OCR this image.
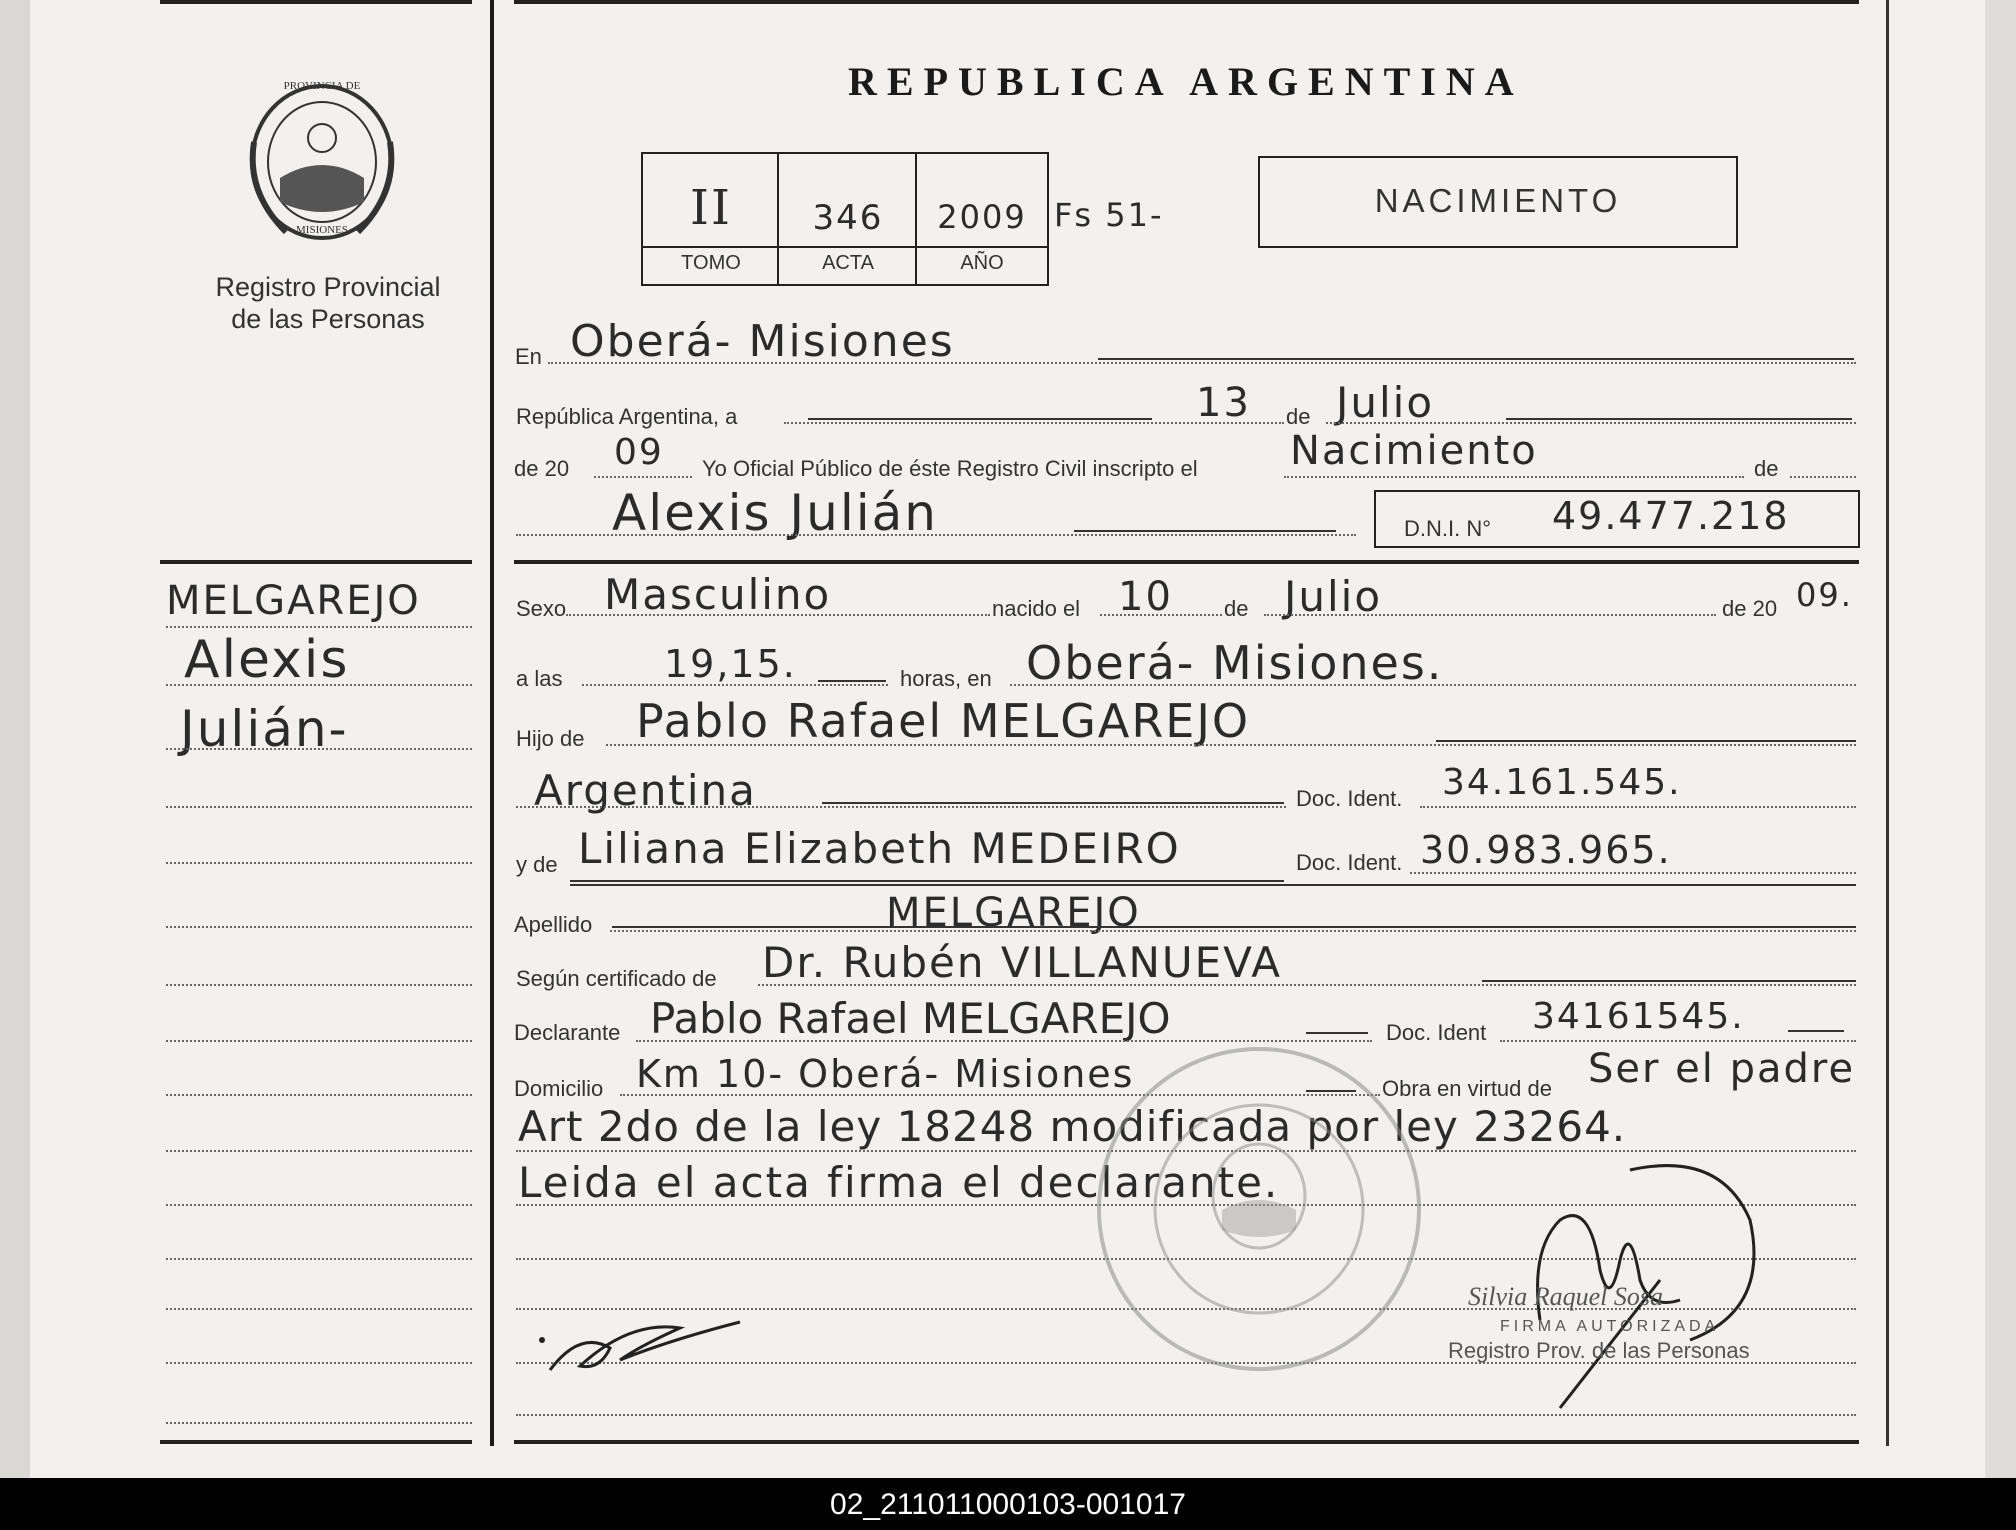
PROVINCIA DE
MISIONES
Registro Provincial
de las Personas
REPUBLICA ARGENTINA
II	346	2009
TOMO	ACTA	AÑO
Fs 51-	NACIMIENTO
En Oberá- Misiones
República Argentina, a	13 de Julio
de 20 09 Yo Oficial Público de éste Registro Civil inscripto el Nacimiento	de
Alexis Julián	D.N.I. N° 49.477.218
MELGAREJO
Alexis
Julián-
Sexo Masculino	nacido el 10 de Julio	de 20 09.
a las	19,15.	horas, en Oberá- Misiones.
Hijo de Pablo Rafael MELGAREJO
Argentina	Doc. Ident. 34.161.545.
y de Liliana Elizabeth MEDEIRO	Doc. Ident. 30.983.965.
Apellido	MELGAREJO
Según certificado de Dr. Rubén VILLANUEVA
Declarante Pablo Rafael MELGAREJO	Doc. Ident 34161545.
Domicilio Km 10- Oberá- Misiones	Obra en virtud de Ser el padre
Art 2do de la ley 18248 modificada por ley 23264.
Leida el acta firma el declarante.
Silvia Raquel Sosa
FIRMA AUTORIZADA
Registro Prov. de las Personas
02_211011000103-001017
